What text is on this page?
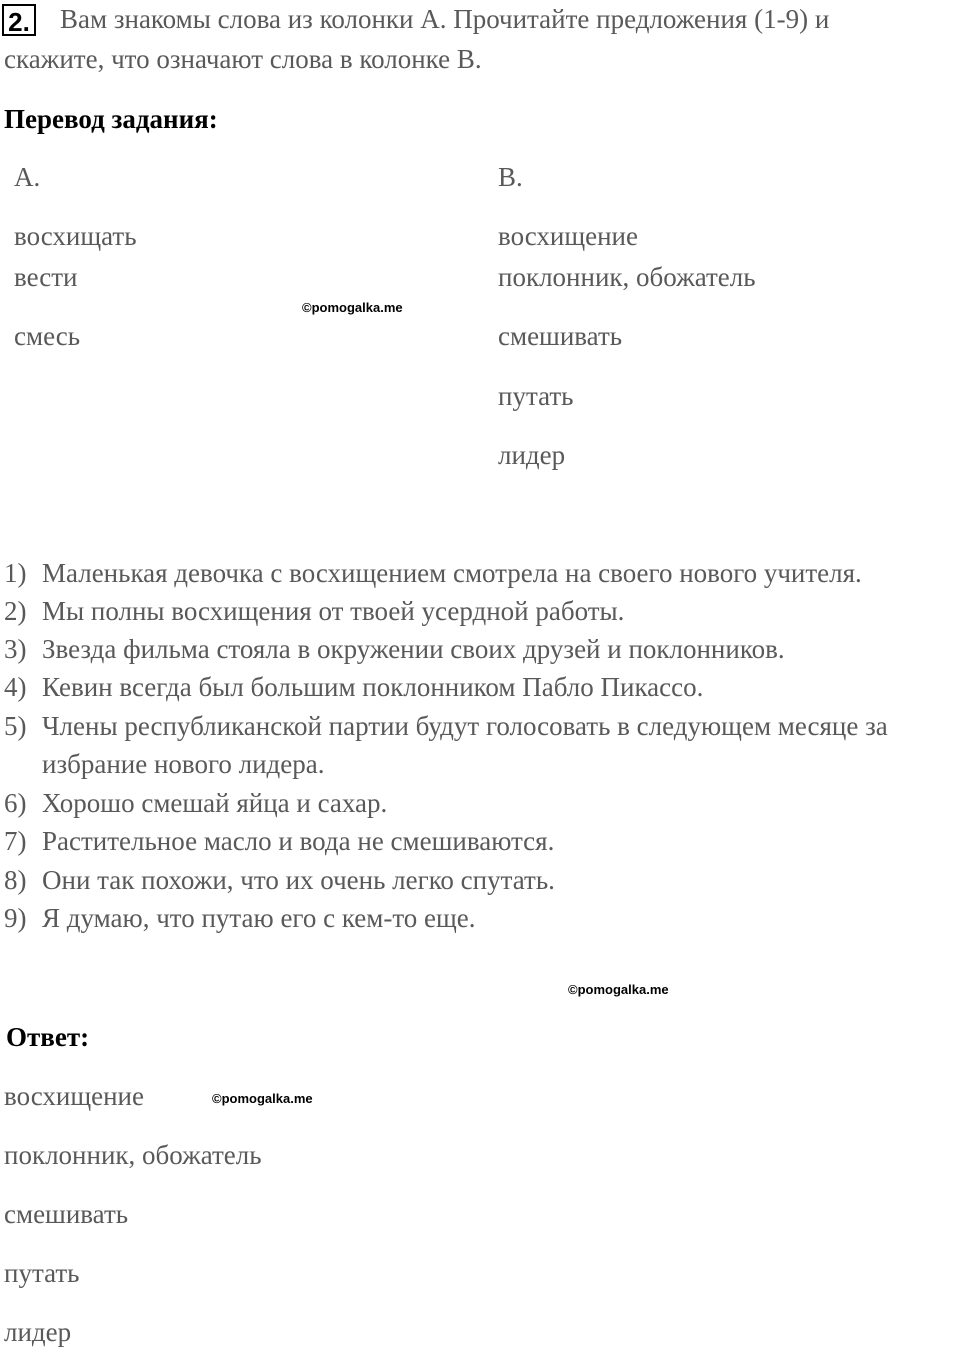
2. Вам знакомы слова из колонки А. Прочитайте предложения (1-9) и
скажите, что означают слова в колонке В.
Перевод задания:
А.	В.
восхищать
вести
смесь
восхищение
поклонник, обожатель
смешивать
путать
лидер
©pomogalka.me
1) Маленькая девочка с восхищением смотрела на своего нового учителя.
2) Мы полны восхищения от твоей усердной работы.
3) Звезда фильма стояла в окружении своих друзей и поклонников.
4) Кевин всегда был большим поклонником Пабло Пикассо.
5) Члены республиканской партии будут голосовать в следующем месяце за
избрание нового лидера.
6) Хорошо смешай яйца и сахар.
7) Растительное масло и вода не смешиваются.
8) Они так похожи, что их очень легко спутать.
9) Я думаю, что путаю его с кем-то еще.
©pomogalka.me
Ответ:
восхищение
поклонник, обожатель
смешивать
путать
лидер
©pomogalka.me
